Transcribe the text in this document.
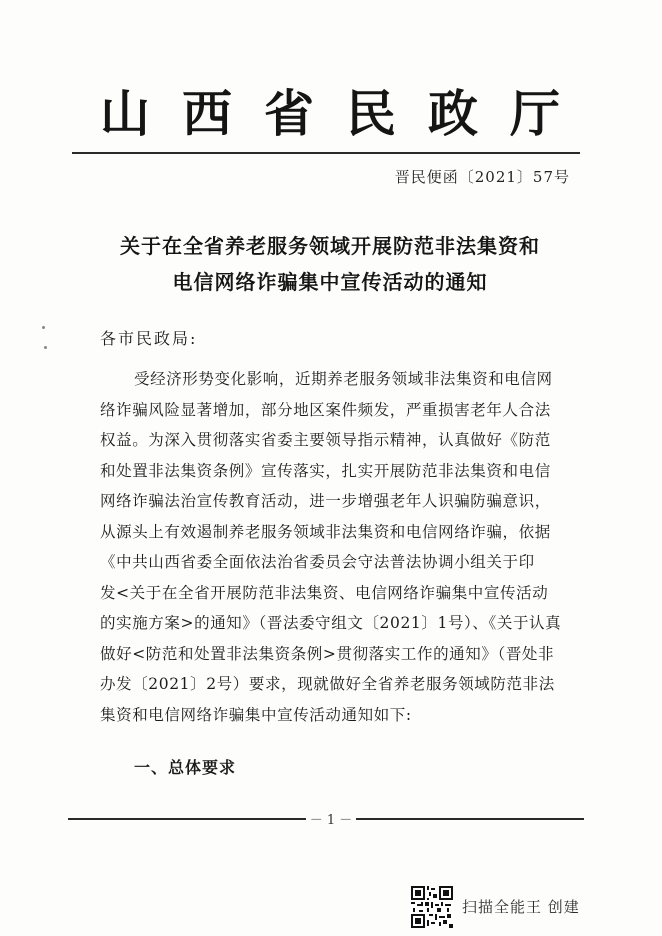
山 西 省 民 政 厅
晋民便函〔2021〕57号
关于在全省养老服务领域开展防范非法集资和
电信网络诈骗集中宣传活动的通知
各市民政局:
受经济形势变化影响，近期养老服务领域非法集资和电信网
络诈骗风险显著增加，部分地区案件频发，严重损害老年人合法
权益。为深入贯彻落实省委主要领导指示精神，认真做好《防范
和处置非法集资条例》宣传落实，扎实开展防范非法集资和电信
网络诈骗法治宣传教育活动，进一步增强老年人识骗防骗意识，
从源头上有效遏制养老服务领域非法集资和电信网络诈骗，依据
《中共山西省委全面依法治省委员会守法普法协调小组关于印
发<关于在全省开展防范非法集资、电信网络诈骗集中宣传活动
的实施方案>的通知》（晋法委守组文〔2021〕1号）、《关于认真
做好<防范和处置非法集资条例>贯彻落实工作的通知》（晋处非
办发〔2021〕2号）要求，现就做好全省养老服务领域防范非法
集资和电信网络诈骗集中宣传活动通知如下:
一、总体要求
－ 1 －
扫描全能王 创建
